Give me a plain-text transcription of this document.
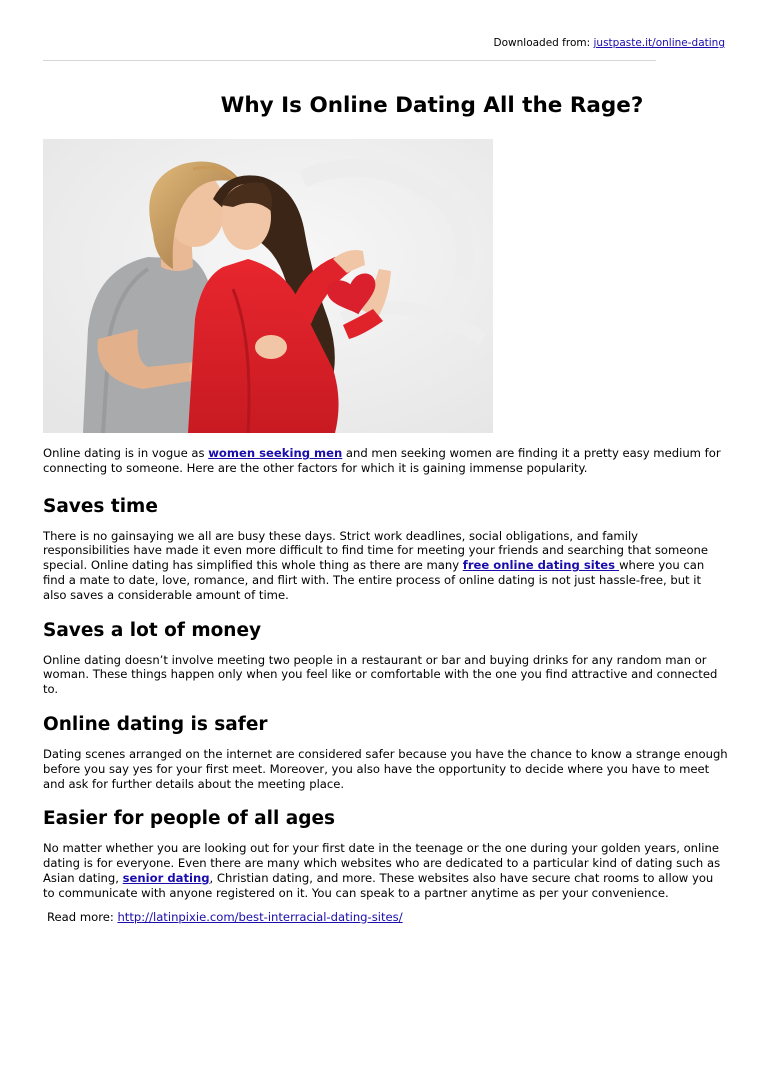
Downloaded from: justpaste.it/online-dating
Why Is Online Dating All the Rage?

Online dating is in vogue as women seeking men and men seeking women are finding it a pretty easy medium for connecting to someone. Here are the other factors for which it is gaining immense popularity.

Saves time

There is no gainsaying we all are busy these days. Strict work deadlines, social obligations, and family responsibilities have made it even more difficult to find time for meeting your friends and searching that someone special. Online dating has simplified this whole thing as there are many free online dating sites where you can find a mate to date, love, romance, and flirt with. The entire process of online dating is not just hassle-free, but it also saves a considerable amount of time.

Saves a lot of money

Online dating doesn’t involve meeting two people in a restaurant or bar and buying drinks for any random man or woman. These things happen only when you feel like or comfortable with the one you find attractive and connected to.

Online dating is safer

Dating scenes arranged on the internet are considered safer because you have the chance to know a strange enough before you say yes for your first meet. Moreover, you also have the opportunity to decide where you have to meet and ask for further details about the meeting place.

Easier for people of all ages

No matter whether you are looking out for your first date in the teenage or the one during your golden years, online dating is for everyone. Even there are many which websites who are dedicated to a particular kind of dating such as Asian dating, senior dating, Christian dating, and more. These websites also have secure chat rooms to allow you to communicate with anyone registered on it. You can speak to a partner anytime as per your convenience.

Read more: http://latinpixie.com/best-interracial-dating-sites/
